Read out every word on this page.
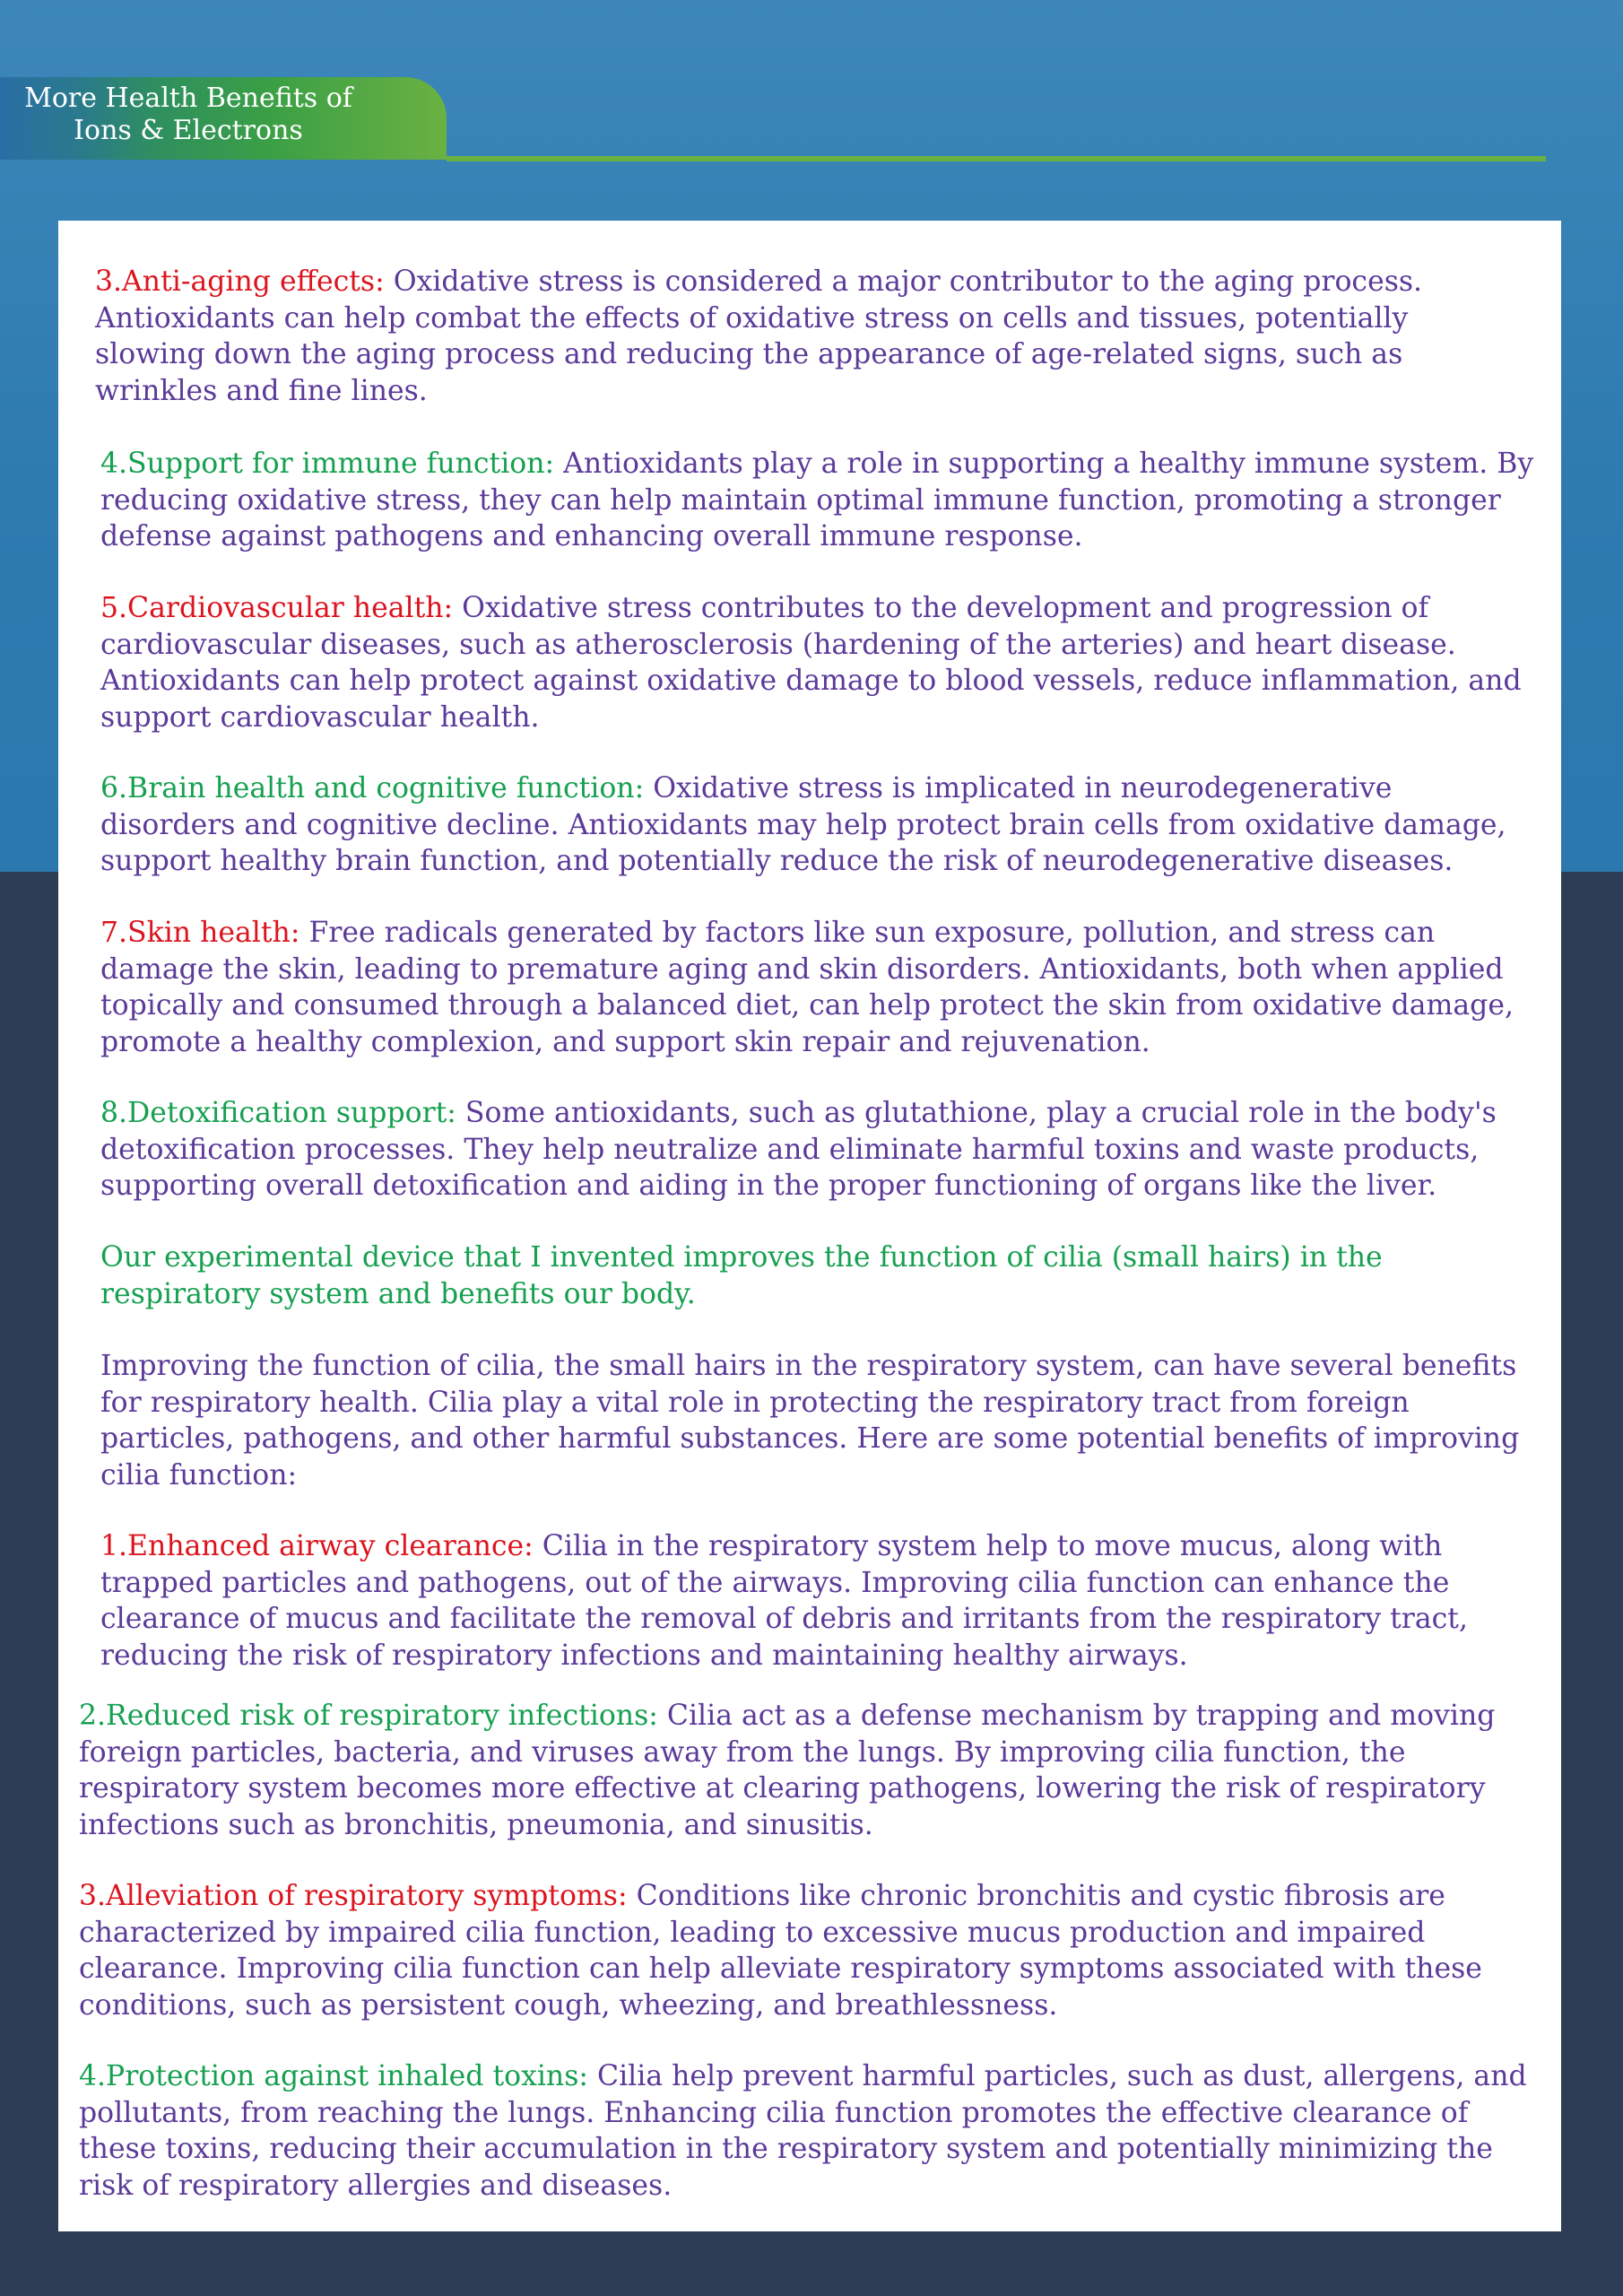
More Health Benefits of
Ions & Electrons

3.Anti-aging effects: Oxidative stress is considered a major contributor to the aging process. Antioxidants can help combat the effects of oxidative stress on cells and tissues, potentially slowing down the aging process and reducing the appearance of age-related signs, such as wrinkles and fine lines.

4.Support for immune function: Antioxidants play a role in supporting a healthy immune system. By reducing oxidative stress, they can help maintain optimal immune function, promoting a stronger defense against pathogens and enhancing overall immune response.

5.Cardiovascular health: Oxidative stress contributes to the development and progression of cardiovascular diseases, such as atherosclerosis (hardening of the arteries) and heart disease. Antioxidants can help protect against oxidative damage to blood vessels, reduce inflammation, and support cardiovascular health.

6.Brain health and cognitive function: Oxidative stress is implicated in neurodegenerative disorders and cognitive decline. Antioxidants may help protect brain cells from oxidative damage, support healthy brain function, and potentially reduce the risk of neurodegenerative diseases.

7.Skin health: Free radicals generated by factors like sun exposure, pollution, and stress can damage the skin, leading to premature aging and skin disorders. Antioxidants, both when applied topically and consumed through a balanced diet, can help protect the skin from oxidative damage, promote a healthy complexion, and support skin repair and rejuvenation.

8.Detoxification support: Some antioxidants, such as glutathione, play a crucial role in the body's detoxification processes. They help neutralize and eliminate harmful toxins and waste products, supporting overall detoxification and aiding in the proper functioning of organs like the liver.

Our experimental device that I invented improves the function of cilia (small hairs) in the respiratory system and benefits our body.

Improving the function of cilia, the small hairs in the respiratory system, can have several benefits for respiratory health. Cilia play a vital role in protecting the respiratory tract from foreign particles, pathogens, and other harmful substances. Here are some potential benefits of improving cilia function:

1.Enhanced airway clearance: Cilia in the respiratory system help to move mucus, along with trapped particles and pathogens, out of the airways. Improving cilia function can enhance the clearance of mucus and facilitate the removal of debris and irritants from the respiratory tract, reducing the risk of respiratory infections and maintaining healthy airways.

2.Reduced risk of respiratory infections: Cilia act as a defense mechanism by trapping and moving foreign particles, bacteria, and viruses away from the lungs. By improving cilia function, the respiratory system becomes more effective at clearing pathogens, lowering the risk of respiratory infections such as bronchitis, pneumonia, and sinusitis.

3.Alleviation of respiratory symptoms: Conditions like chronic bronchitis and cystic fibrosis are characterized by impaired cilia function, leading to excessive mucus production and impaired clearance. Improving cilia function can help alleviate respiratory symptoms associated with these conditions, such as persistent cough, wheezing, and breathlessness.

4.Protection against inhaled toxins: Cilia help prevent harmful particles, such as dust, allergens, and pollutants, from reaching the lungs. Enhancing cilia function promotes the effective clearance of these toxins, reducing their accumulation in the respiratory system and potentially minimizing the risk of respiratory allergies and diseases.
